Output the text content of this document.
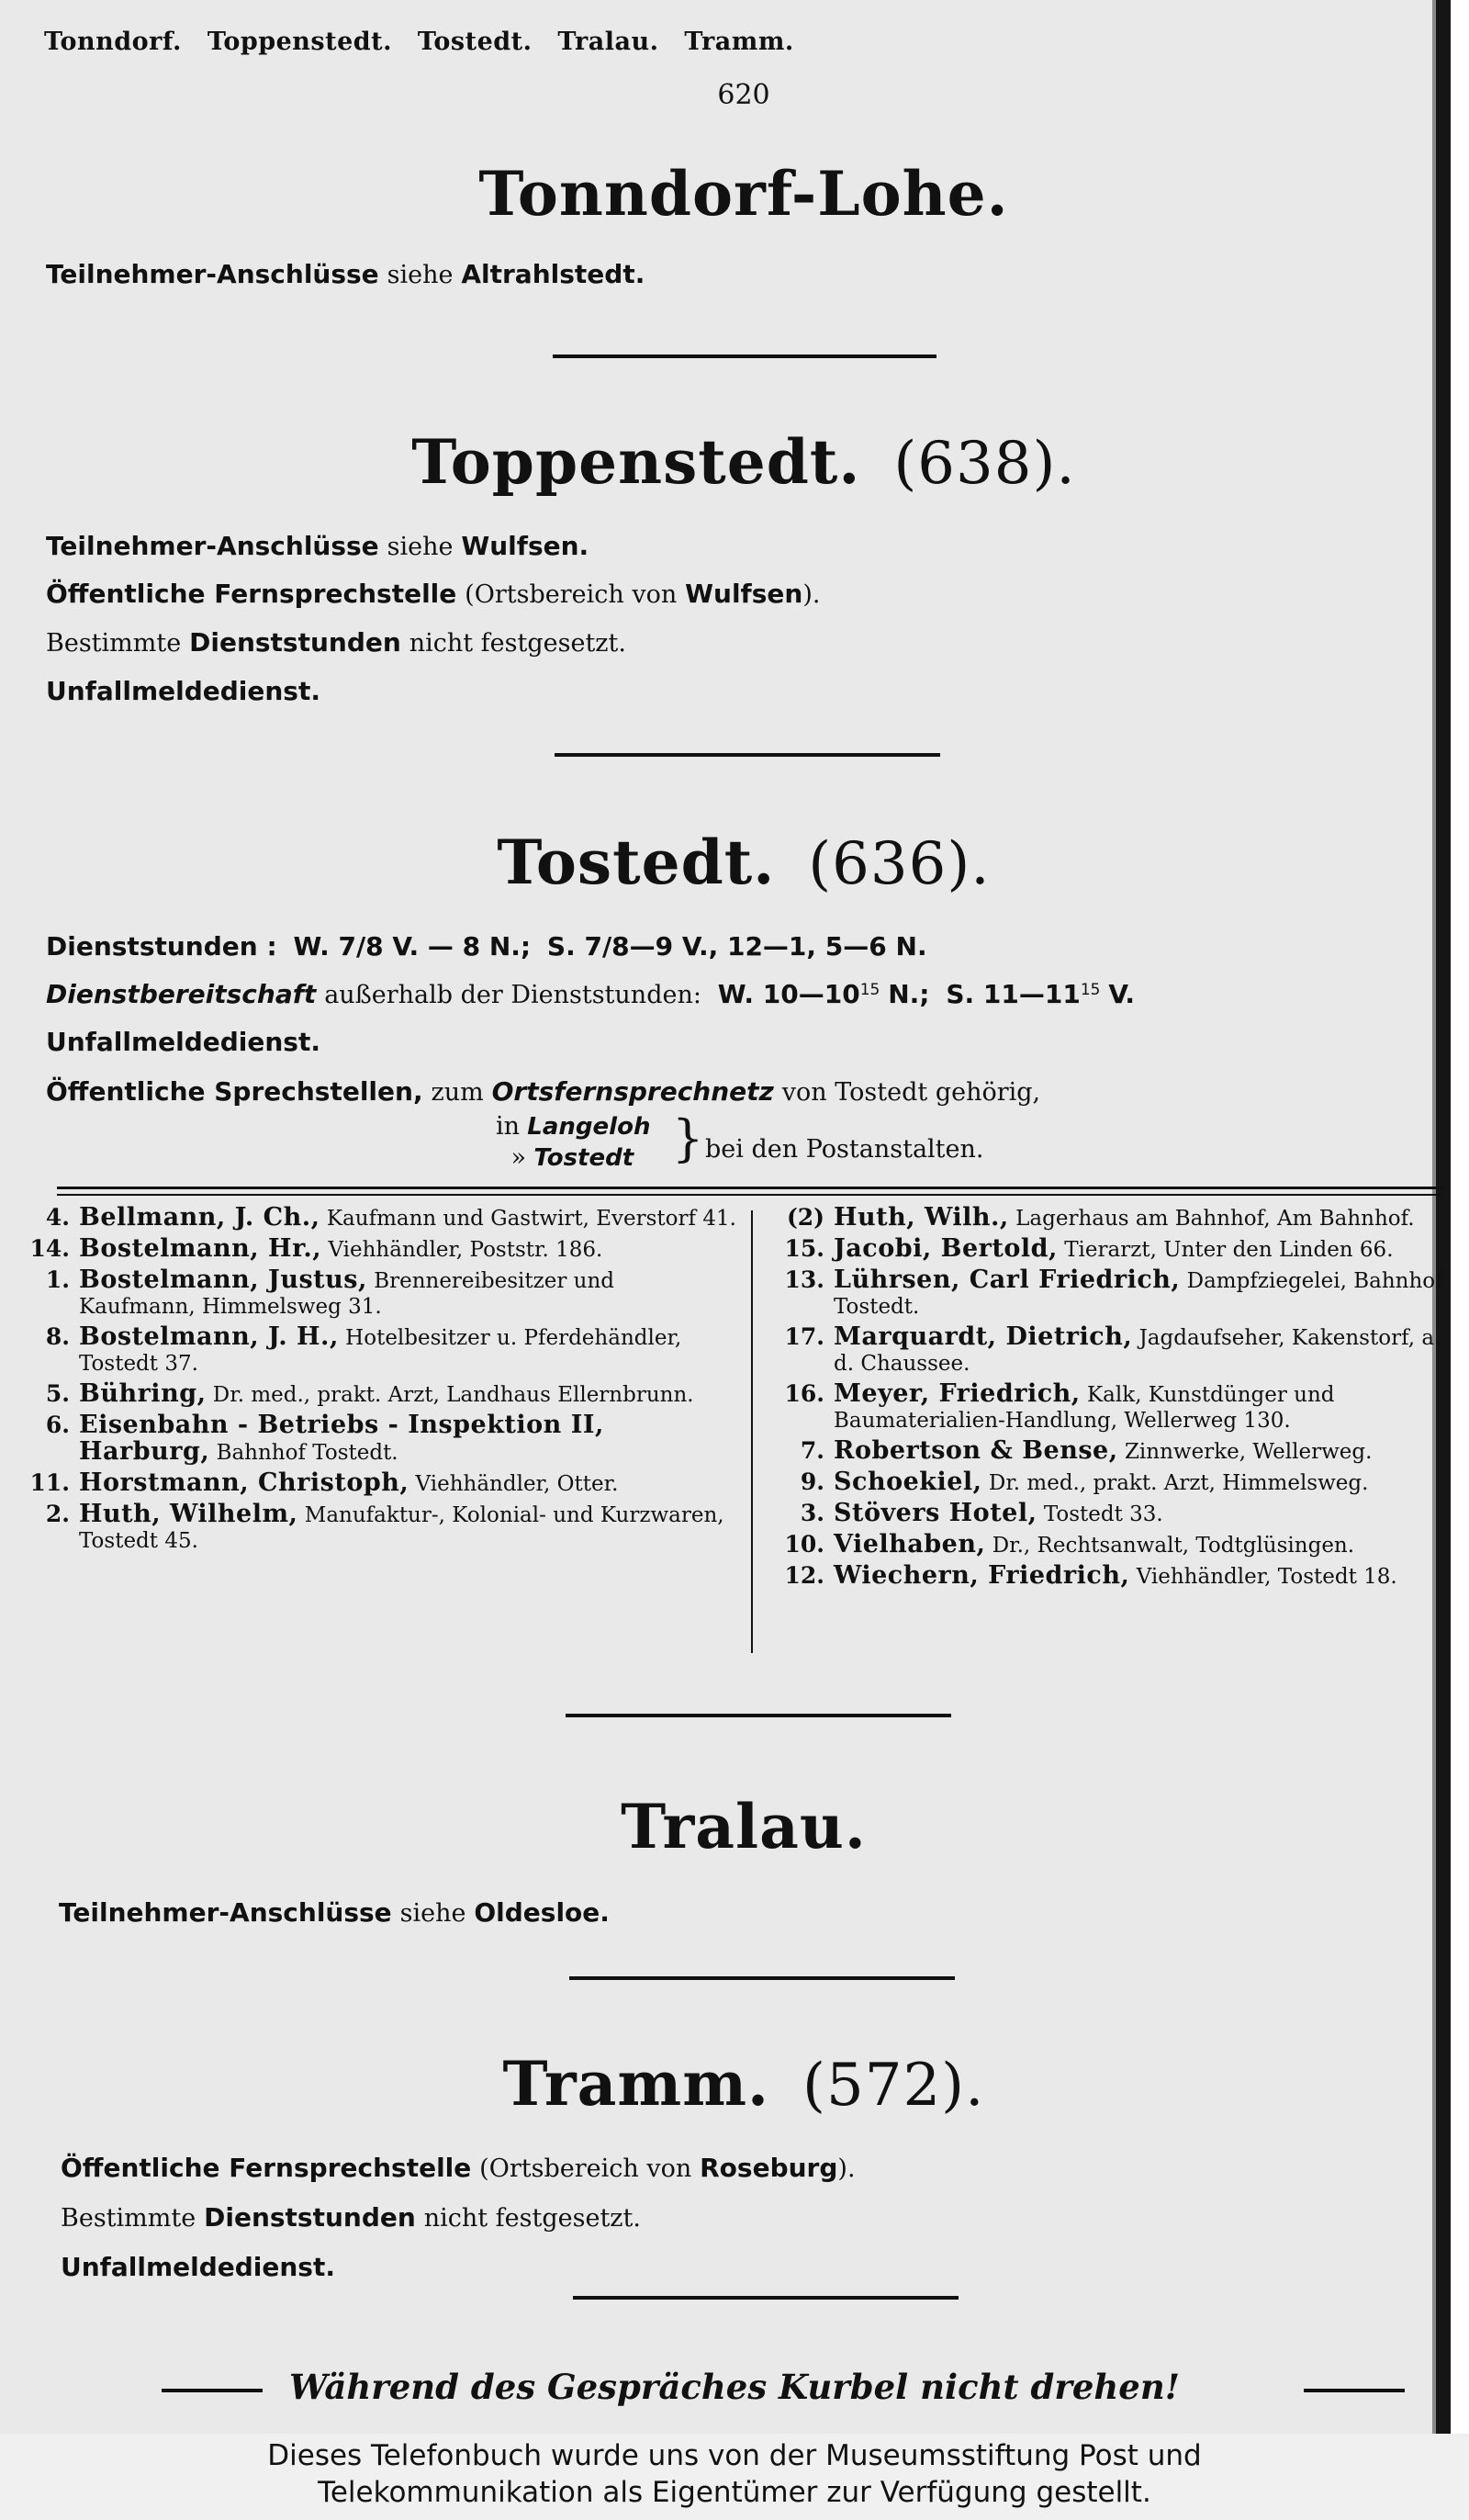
Tonndorf. Toppenstedt. Tostedt. Tralau. Tramm.
620
Tonndorf-Lohe.
Teilnehmer-Anschlüsse siehe Altrahlstedt.
Toppenstedt. (638).
Teilnehmer-Anschlüsse siehe Wulfsen.
Öffentliche Fernsprechstelle (Ortsbereich von Wulfsen).
Bestimmte Dienststunden nicht festgesetzt.
Unfallmeldedienst.
Tostedt. (636).
Dienststunden : W. 7/8 V. — 8 N.; S. 7/8—9 V., 12—1, 5—6 N.
Dienstbereitschaft außerhalb der Dienststunden: W. $10—10^{15}$ N.; S. $11—11^{15}$ V.
Unfallmeldedienst.
Öffentliche Sprechstellen, zum Ortsfernsprechnetz von Tostedt gehörig,
in Langeloh
» Tostedt } bei den Postanstalten.
4. Bellmann, J. Ch., Kaufmann und Gastwirt, Everstorf 41.
14. Bostelmann, Hr., Viehhändler, Poststr. 186.
1. Bostelmann, Justus, Brennereibesitzer und Kaufmann, Himmelsweg 31.
8. Bostelmann, J. H., Hotelbesitzer u. Pferdehändler, Tostedt 37.
5. Bühring, Dr. med., prakt. Arzt, Landhaus Ellernbrunn.
6. Eisenbahn - Betriebs - Inspektion II, Harburg, Bahnhof Tostedt.
11. Horstmann, Christoph, Viehhändler, Otter.
2. Huth, Wilhelm, Manufaktur-, Kolonial- und Kurzwaren, Tostedt 45.
(2) Huth, Wilh., Lagerhaus am Bahnhof, Am Bahnhof.
15. Jacobi, Bertold, Tierarzt, Unter den Linden 66.
13. Lührsen, Carl Friedrich, Dampfziegelei, Bahnhof Tostedt.
17. Marquardt, Dietrich, Jagdaufseher, Kakenstorf, a. d. Chaussee.
16. Meyer, Friedrich, Kalk, Kunstdünger und Baumaterialien-Handlung, Wellerweg 130.
7. Robertson & Bense, Zinnwerke, Wellerweg.
9. Schoekiel, Dr. med., prakt. Arzt, Himmelsweg.
3. Stövers Hotel, Tostedt 33.
10. Vielhaben, Dr., Rechtsanwalt, Todtglüsingen.
12. Wiechern, Friedrich, Viehhändler, Tostedt 18.
Tralau.
Teilnehmer-Anschlüsse siehe Oldesloe.
Tramm. (572).
Öffentliche Fernsprechstelle (Ortsbereich von Roseburg).
Bestimmte Dienststunden nicht festgesetzt.
Unfallmeldedienst.
Während des Gespräches Kurbel nicht drehen!
Dieses Telefonbuch wurde uns von der Museumsstiftung Post und
Telekommunikation als Eigentümer zur Verfügung gestellt.
